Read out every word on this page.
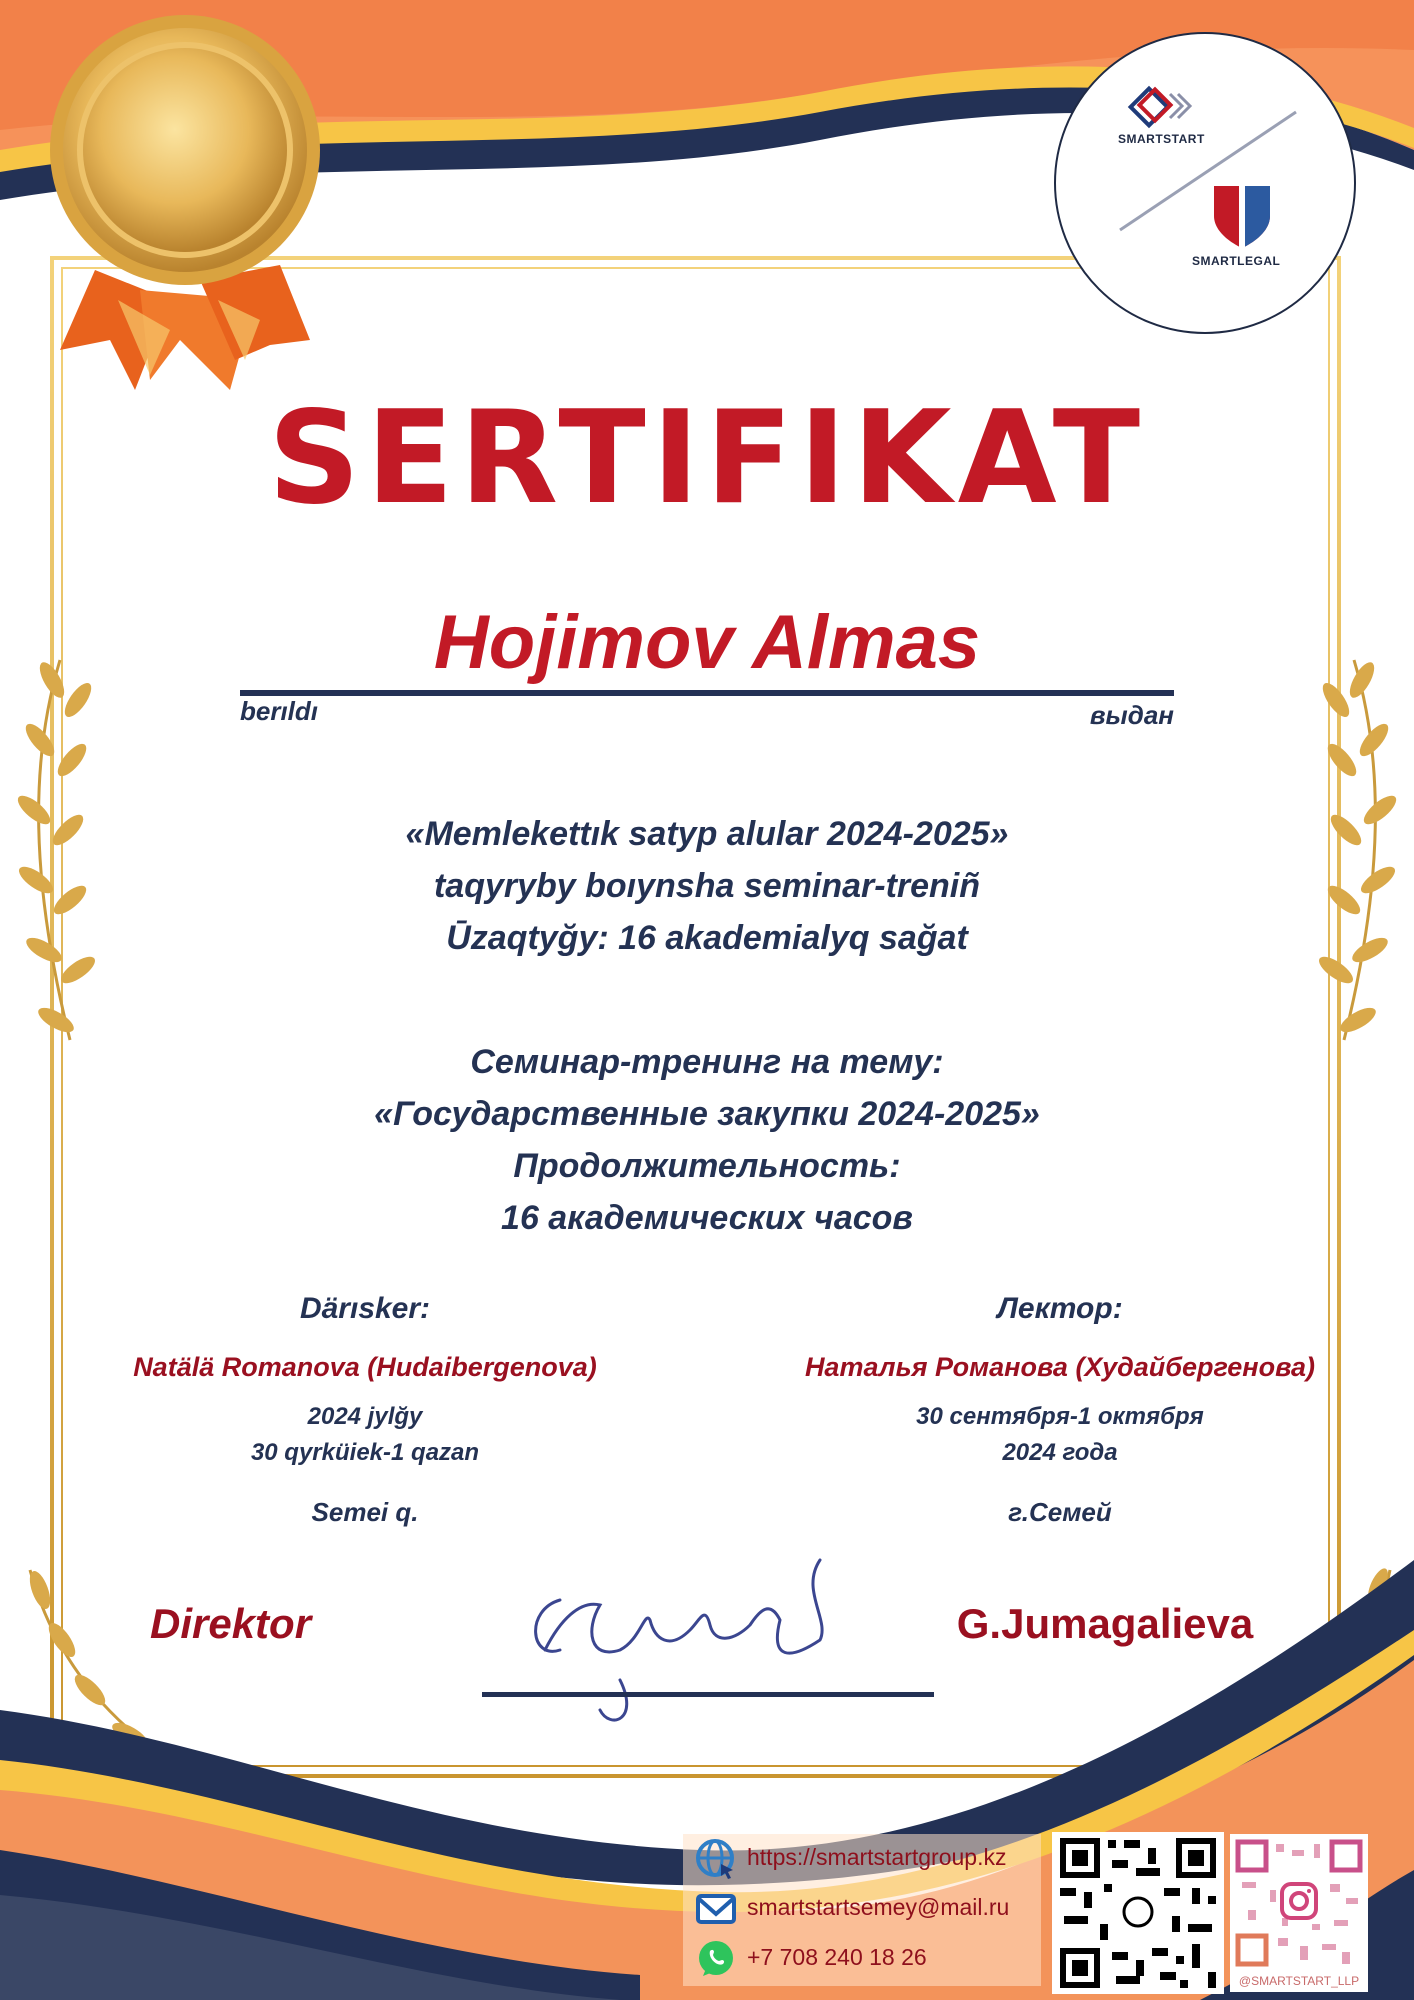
SMARTSTART
SMARTLEGAL
SERTIFIKAT
Hojimov Almas
berıldı	выдан
«Memlekettık satyp alular 2024-2025»
taqyryby boıynsha seminar-treniñ
Ūzaqtyğy: 16 akademialyq sağat
Семинар-тренинг на тему:
«Государственные закупки 2024-2025»
Продолжительность:
16 академических часов
Därısker:
Natälä Romanova (Hudaibergenova)
2024 jylğy
30 qyrküiek-1 qazan
Semei q.
Лектор:
Наталья Романова (Худайбергенова)
30 сентября-1 октября
2024 года
г.Семей
Direktor	G.Jumagalieva
https://smartstartgroup.kz
smartstartsemey@mail.ru
+7 708 240 18 26
@SMARTSTART_LLP
